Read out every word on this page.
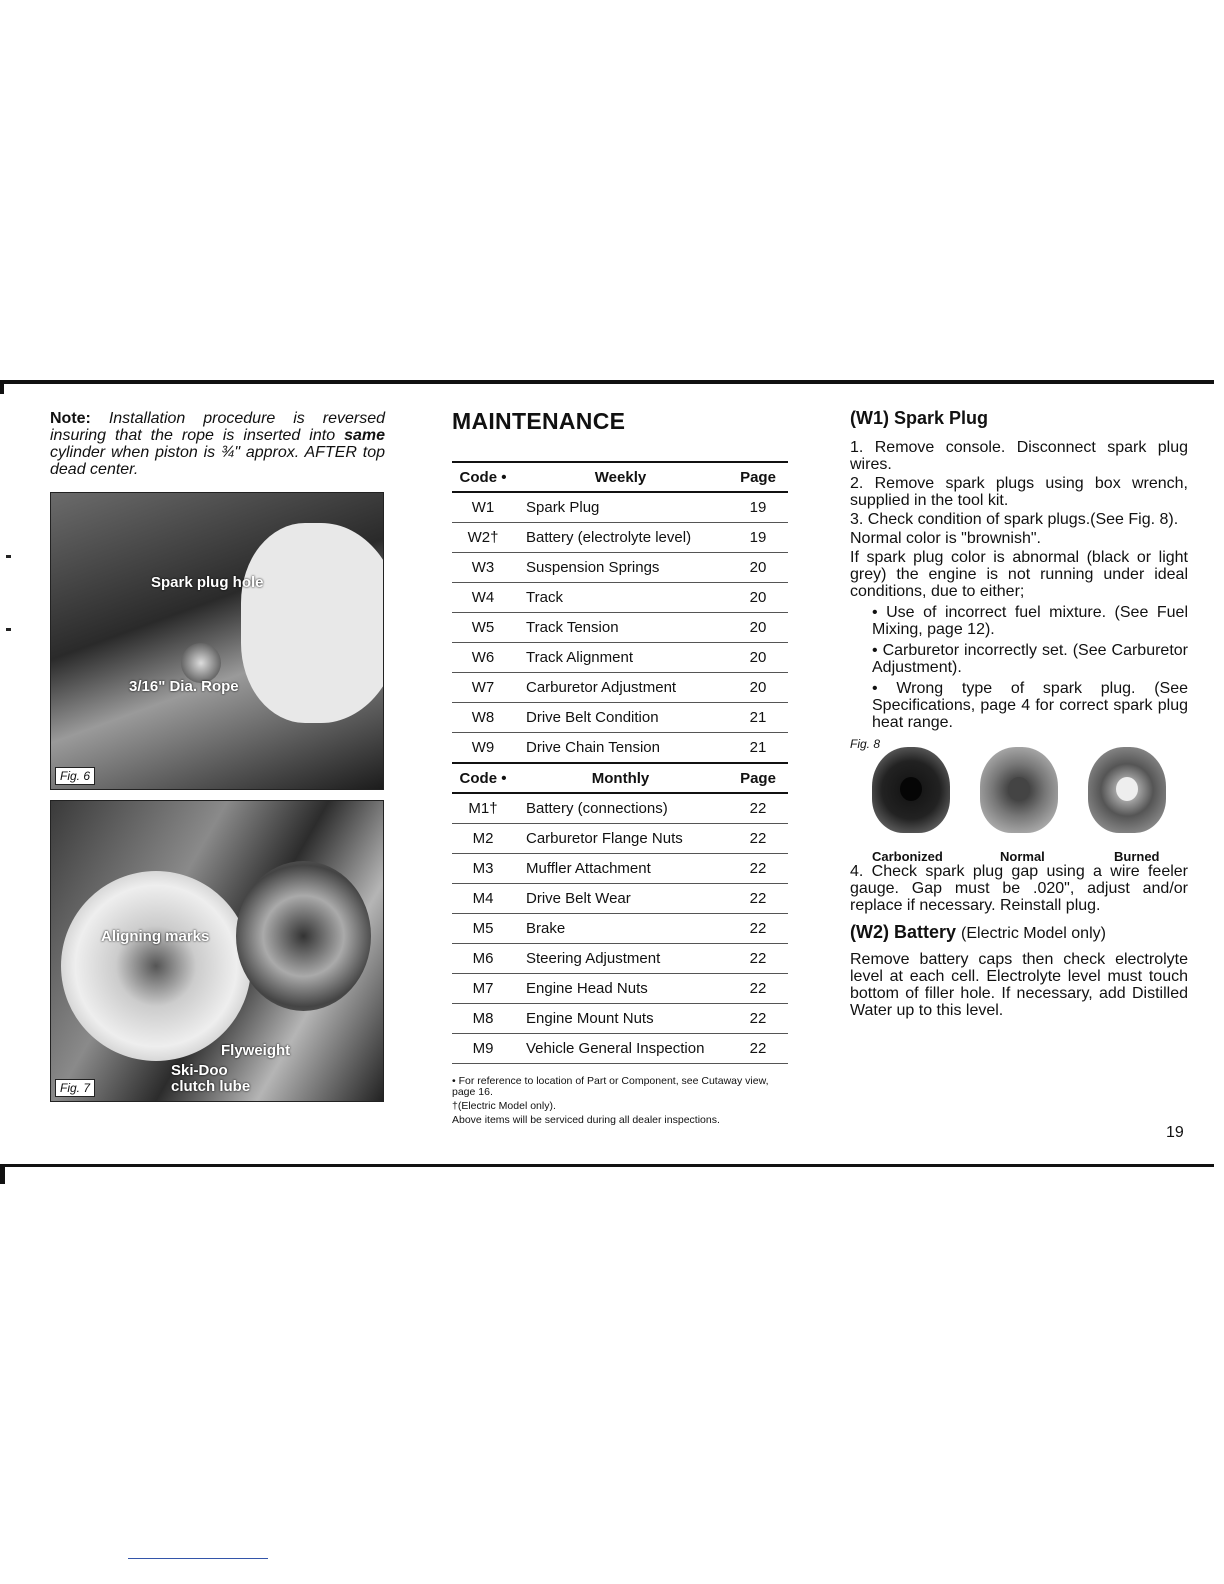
Note: Installation procedure is reversed insuring that the rope is inserted into same cylinder when piston is ¾" approx. AFTER top dead center.

Spark plug hole
3/16" Dia. Rope
Fig. 6
Aligning marks
Flyweight
Ski-Doo clutch lube
Fig. 7
MAINTENANCE
Code •	Weekly	Page
W1	Spark Plug	19
W2†	Battery (electrolyte level)	19
W3	Suspension Springs	20
W4	Track	20
W5	Track Tension	20
W6	Track Alignment	20
W7	Carburetor Adjustment	20
W8	Drive Belt Condition	21
W9	Drive Chain Tension	21
Code •	Monthly	Page
M1†	Battery (connections)	22
M2	Carburetor Flange Nuts	22
M3	Muffler Attachment	22
M4	Drive Belt Wear	22
M5	Brake	22
M6	Steering Adjustment	22
M7	Engine Head Nuts	22
M8	Engine Mount Nuts	22
M9	Vehicle General Inspection	22

• For reference to location of Part or Component, see Cutaway view, page 16.

†(Electric Model only).

Above items will be serviced during all dealer inspections.

(W1) Spark Plug

1. Remove console. Disconnect spark plug wires.

2. Remove spark plugs using box wrench, supplied in the tool kit.

3. Check condition of spark plugs.(See Fig. 8).

Normal color is "brownish".

If spark plug color is abnormal (black or light grey) the engine is not running under ideal conditions, due to either;

• Use of incorrect fuel mixture. (See Fuel Mixing, page 12).

• Carburetor incorrectly set. (See Carburetor Adjustment).

• Wrong type of spark plug. (See Specifications, page 4 for correct spark plug heat range.

Fig. 8
Carbonized	Normal	Burned

4. Check spark plug gap using a wire feeler gauge. Gap must be .020", adjust and/or replace if necessary. Reinstall plug.

(W2) Battery (Electric Model only)

Remove battery caps then check electrolyte level at each cell. Electrolyte level must touch bottom of filler hole. If necessary, add Distilled Water up to this level.

19
